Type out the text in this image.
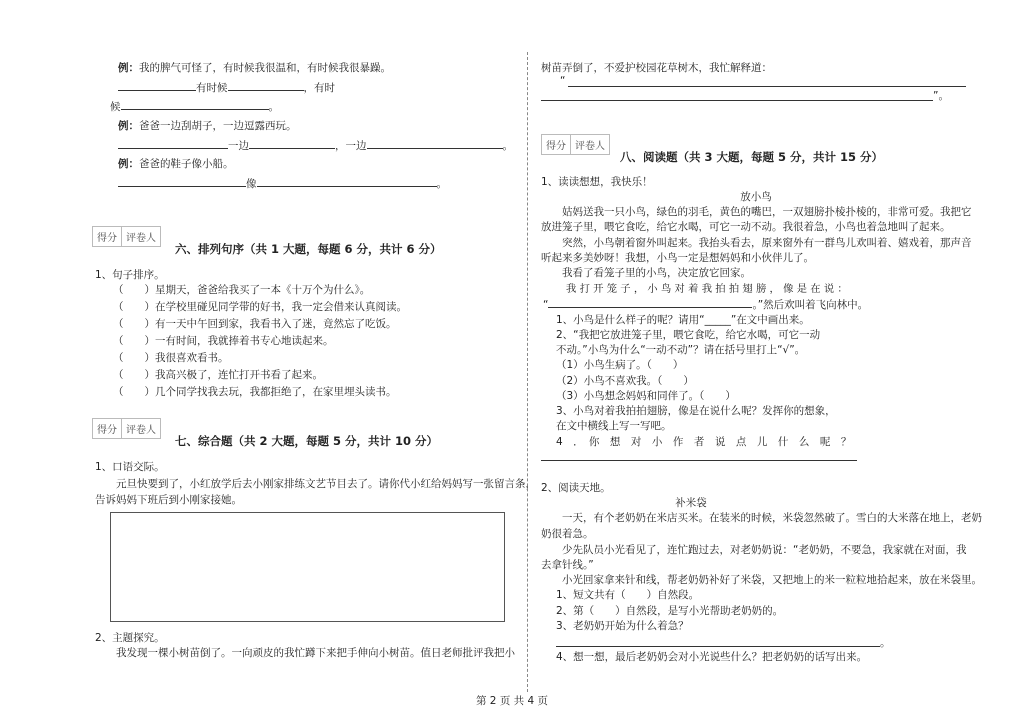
例：我的脾气可怪了，有时候我很温和，有时候我很暴躁。
有时候	，有时
候	。
例：爸爸一边刮胡子，一边逗露西玩。
一边	，一边	。
例：爸爸的鞋子像小船。
像	。
得分 评卷人
六、排列句序（共 1 大题，每题 6 分，共计 6 分）
1、句子排序。
（　　）星期天，爸爸给我买了一本《十万个为什么》。
（　　）在学校里碰见同学带的好书，我一定会借来认真阅读。
（　　）有一天中午回到家，我看书入了迷，竟然忘了吃饭。
（　　）一有时间，我就捧着书专心地读起来。
（　　）我很喜欢看书。
（　　）我高兴极了，连忙打开书看了起来。
（　　）几个同学找我去玩，我都拒绝了，在家里埋头读书。
得分 评卷人
七、综合题（共 2 大题，每题 5 分，共计 10 分）
1、口语交际。
　　元旦快要到了，小红放学后去小刚家排练文艺节目去了。请你代小红给妈妈写一张留言条，
告诉妈妈下班后到小刚家接她。
2、主题探究。
　　我发现一棵小树苗倒了。一向顽皮的我忙蹲下来把手伸向小树苗。值日老师批评我把小
树苗弄倒了，不爱护校园花草树木，我忙解释道：
“
”。
得分 评卷人
八、阅读题（共 3 大题，每题 5 分，共计 15 分）
1、读读想想，我快乐！
放小鸟
　　姑妈送我一只小鸟，绿色的羽毛，黄色的嘴巴，一双翅膀扑棱扑棱的，非常可爱。我把它
放进笼子里，喂它食吃，给它水喝，可它一动不动。我很着急，小鸟也着急地叫了起来。
　　突然，小鸟朝着窗外叫起来。我抬头看去，原来窗外有一群鸟儿欢叫着、嬉戏着，那声音
听起来多美妙呀！我想，小鸟一定是想妈妈和小伙伴儿了。
　　我看了看笼子里的小鸟，决定放它回家。
我 打 开 笼 子 ， 小 鸟 对 着 我 拍 拍 翅 膀 ， 像 是 在 说 ：
“	。”然后欢叫着飞向林中。
1、小鸟是什么样子的呢？请用“_____”在文中画出来。
2、“我把它放进笼子里，喂它食吃，给它水喝，可它一动
不动。”小鸟为什么“一动不动”？请在括号里打上“√”。
（1）小鸟生病了。（　　）
（2）小鸟不喜欢我。（　　）
（3）小鸟想念妈妈和同伴了。（　　）
3、小鸟对着我拍拍翅膀，像是在说什么呢？发挥你的想象，
在文中横线上写一写吧。
4　．　你　想　对　小　作　者　说　点　儿　什　么　呢　？
2、阅读天地。
补米袋
　　一天，有个老奶奶在米店买米。在装米的时候，米袋忽然破了。雪白的大米落在地上，老奶
奶很着急。
　　少先队员小光看见了，连忙跑过去，对老奶奶说：“老奶奶，不要急，我家就在对面，我
去拿针线。”
　　小光回家拿来针和线，帮老奶奶补好了米袋，又把地上的米一粒粒地拾起来，放在米袋里。
1、短文共有（　　）自然段。
2、第（　　）自然段，是写小光帮助老奶奶的。
3、老奶奶开始为什么着急？
。
4、想一想，最后老奶奶会对小光说些什么？把老奶奶的话写出来。
第 2 页 共 4 页
